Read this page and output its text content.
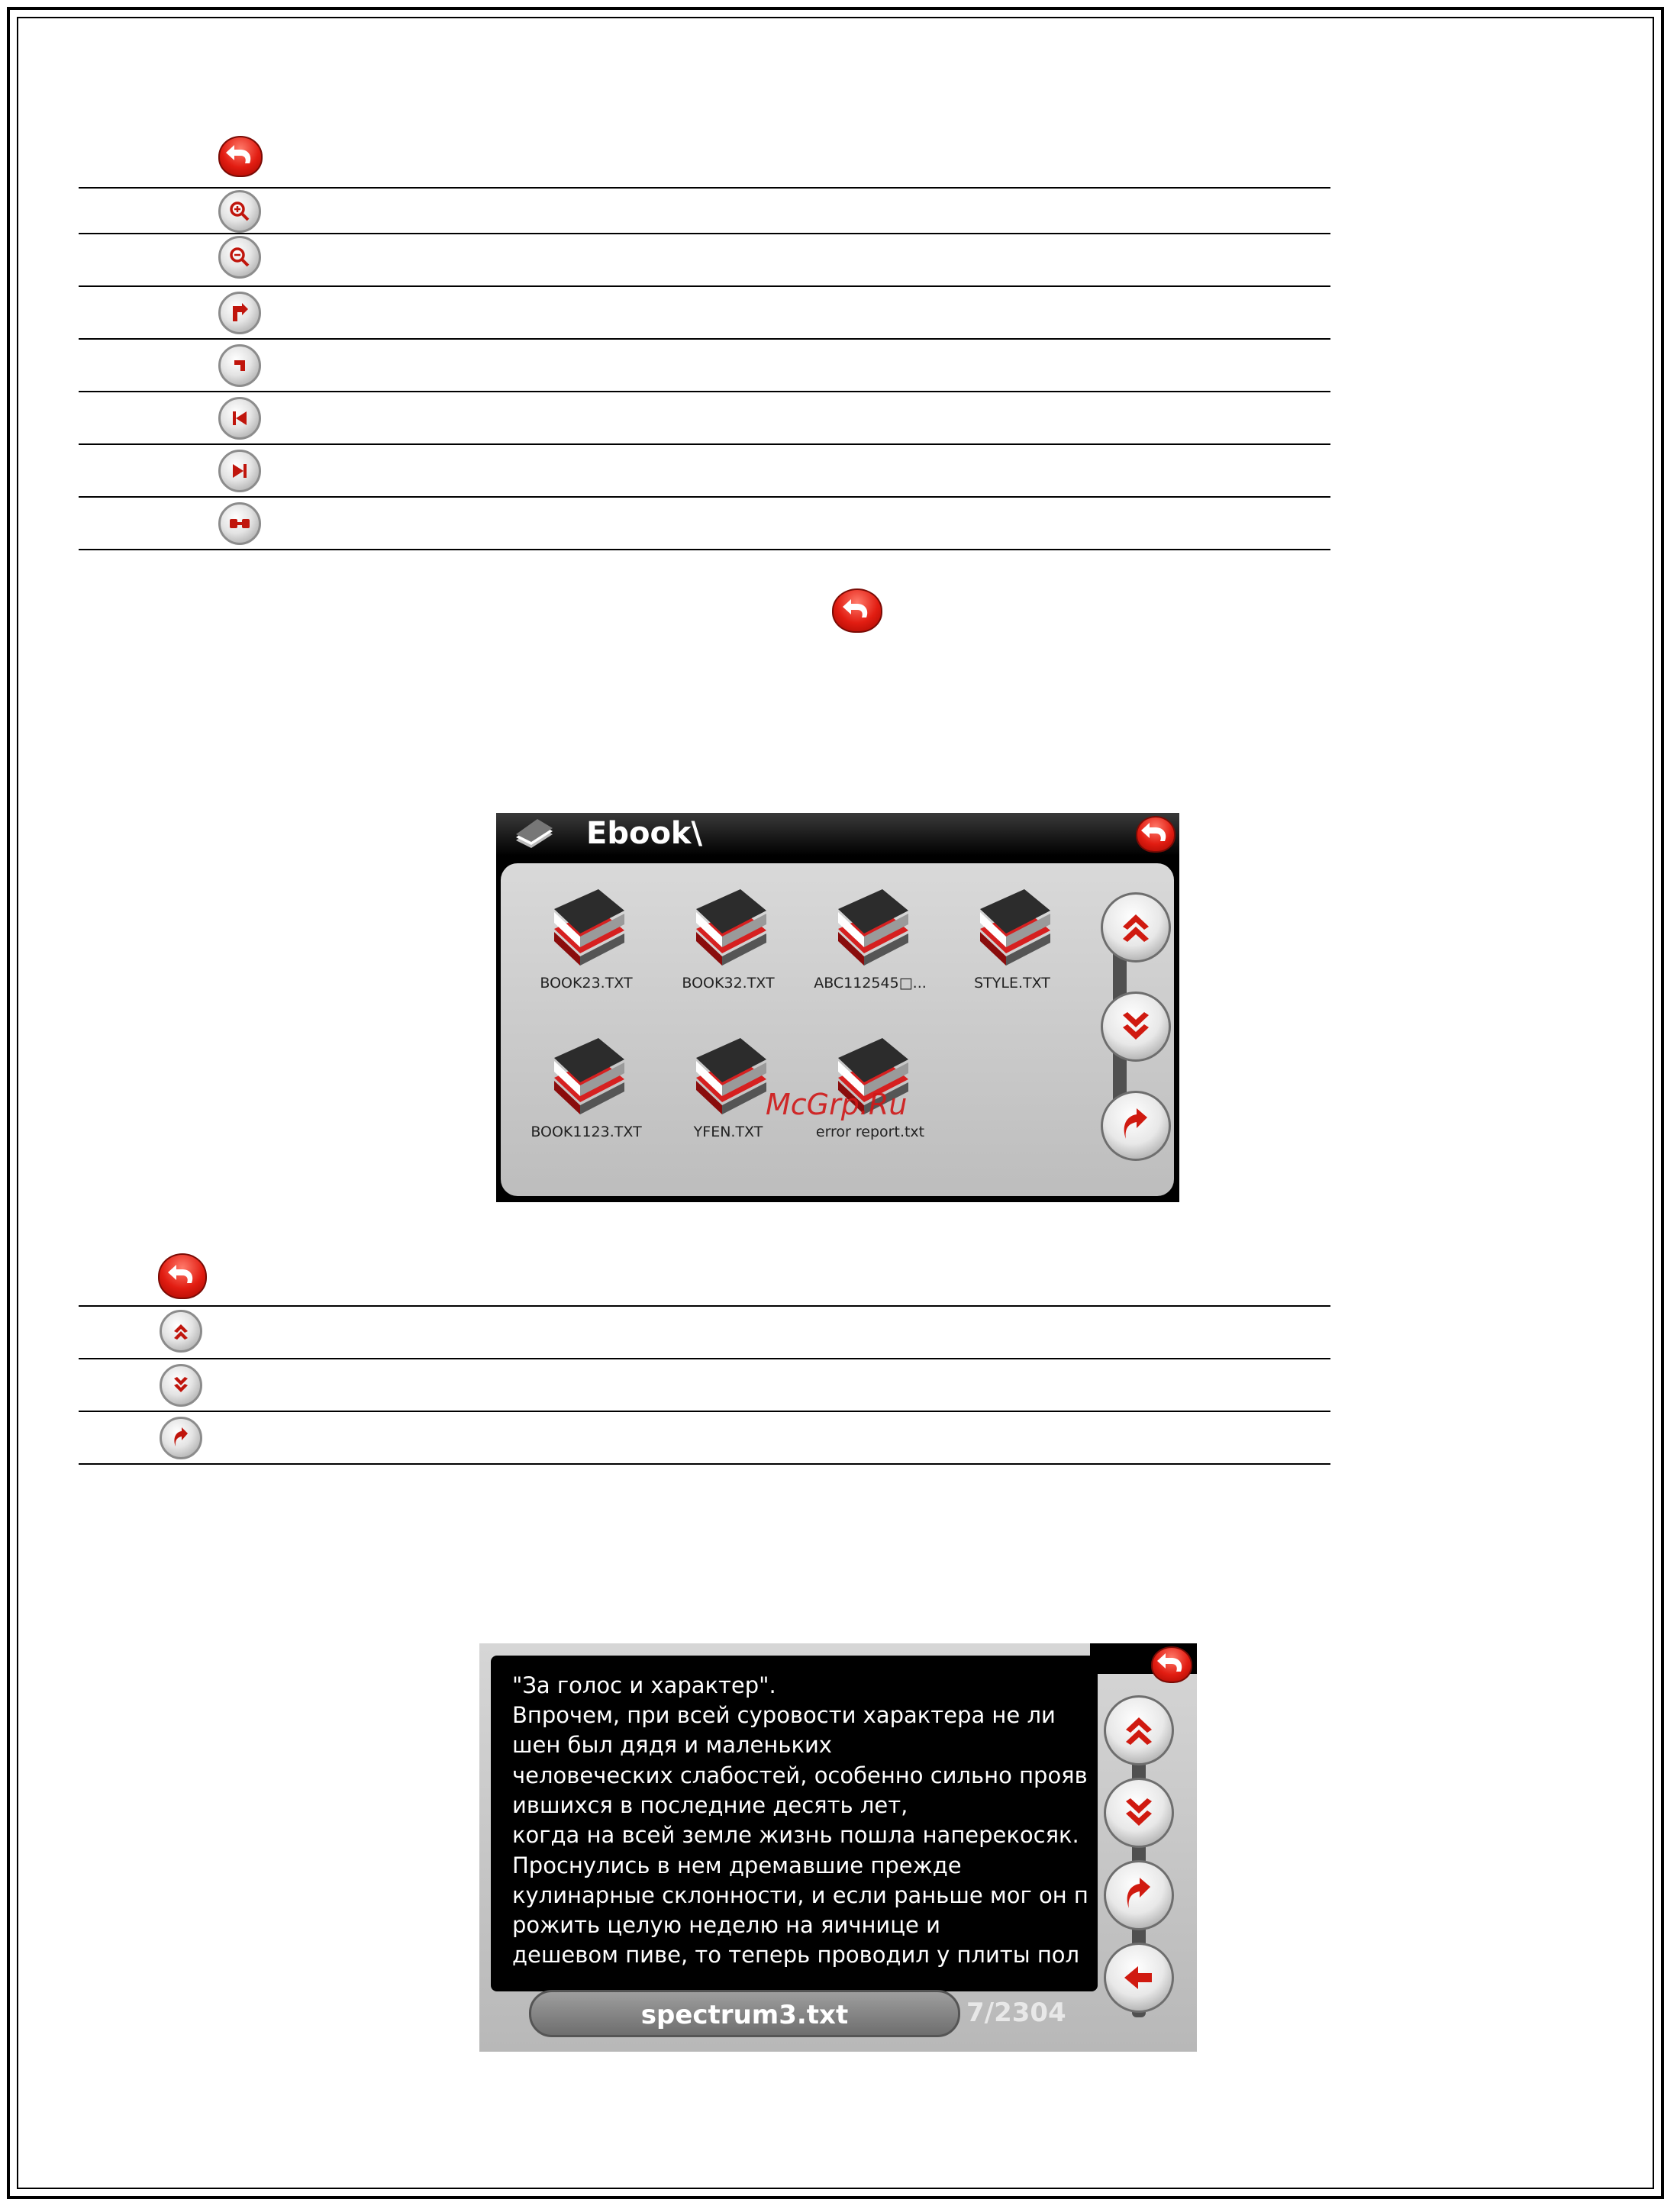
Ebook\
BOOK23.TXT	BOOK32.TXT	ABC112545□...	STYLE.TXT
BOOK1123.TXT	YFEN.TXT	error report.txt
McGrp.Ru
"За голос и характер".
Впрочем, при всей суровости характера не ли
шен был дядя и маленьких
человеческих слабостей, особенно сильно прояв
ившихся в последние десять лет,
когда на всей земле жизнь пошла наперекосяк.
Проснулись в нем дремавшие прежде
кулинарные склонности, и если раньше мог он п
рожить целую неделю на яичнице и
дешевом пиве, то теперь проводил у плиты пол
spectrum3.txt	7/2304
